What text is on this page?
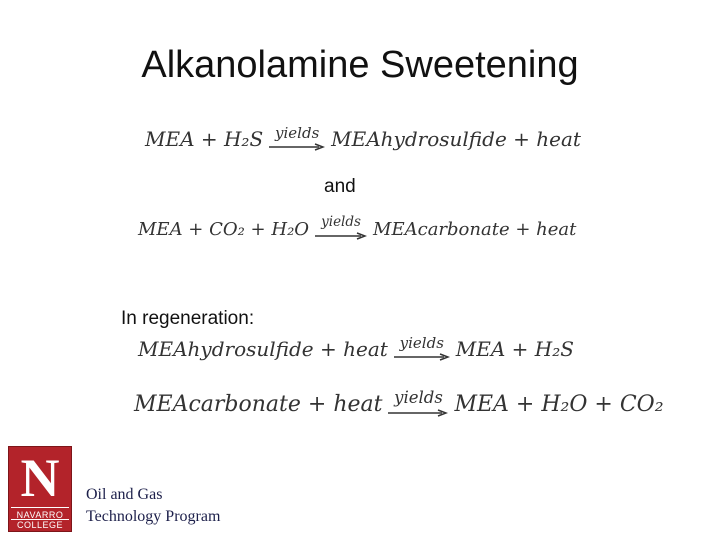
Alkanolamine Sweetening
MEA + H₂S yields MEAhydrosulfide + heat
and
MEA + CO₂ + H₂O yields MEAcarbonate + heat
In regeneration:
MEAhydrosulfide + heat yields MEA + H₂S
MEAcarbonate + heat yields MEA + H₂O + CO₂
N
NAVARRO
COLLEGE
Oil and Gas
Technology Program
